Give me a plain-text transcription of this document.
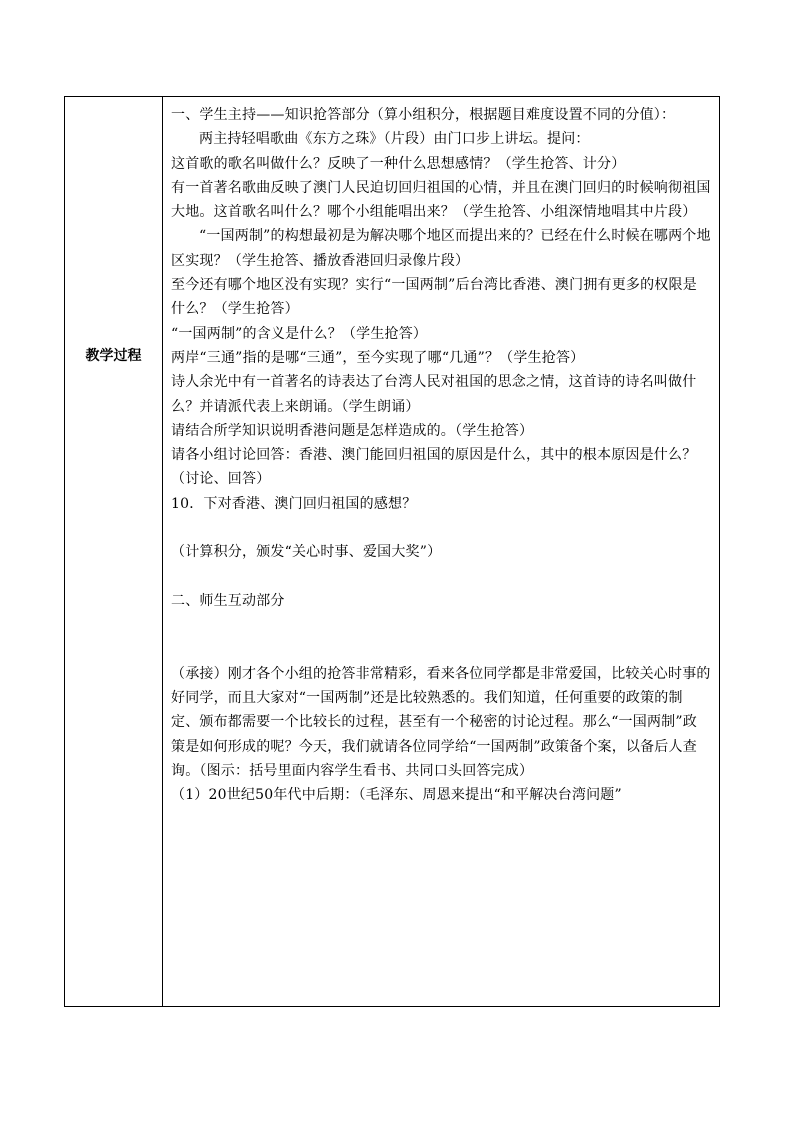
教学过程

一、学生主持——知识抢答部分（算小组积分，根据题目难度设置不同的分值）：

两主持轻唱歌曲《东方之珠》（片段）由门口步上讲坛。提问：

这首歌的歌名叫做什么？反映了一种什么思想感情？（学生抢答、计分）

有一首著名歌曲反映了澳门人民迫切回归祖国的心情，并且在澳门回归的时候响彻祖国大地。这首歌名叫什么？哪个小组能唱出来？（学生抢答、小组深情地唱其中片段）

“一国两制”的构想最初是为解决哪个地区而提出来的？已经在什么时候在哪两个地区实现？（学生抢答、播放香港回归录像片段）

至今还有哪个地区没有实现？实行“一国两制”后台湾比香港、澳门拥有更多的权限是什么？（学生抢答）

“一国两制”的含义是什么？（学生抢答）

两岸“三通”指的是哪“三通”，至今实现了哪“几通”？（学生抢答）

诗人余光中有一首著名的诗表达了台湾人民对祖国的思念之情，这首诗的诗名叫做什么？并请派代表上来朗诵。（学生朗诵）

请结合所学知识说明香港问题是怎样造成的。（学生抢答）

请各小组讨论回答：香港、澳门能回归祖国的原因是什么，其中的根本原因是什么？（讨论、回答）

10．下对香港、澳门回归祖国的感想？

（计算积分，颁发“关心时事、爱国大奖”）

二、师生互动部分

（承接）刚才各个小组的抢答非常精彩，看来各位同学都是非常爱国，比较关心时事的好同学，而且大家对“一国两制”还是比较熟悉的。我们知道，任何重要的政策的制定、颁布都需要一个比较长的过程，甚至有一个秘密的讨论过程。那么“一国两制”政策是如何形成的呢？今天，我们就请各位同学给“一国两制”政策备个案，以备后人查询。（图示：括号里面内容学生看书、共同口头回答完成）

（1）20世纪50年代中后期：（毛泽东、周恩来提出“和平解决台湾问题”
